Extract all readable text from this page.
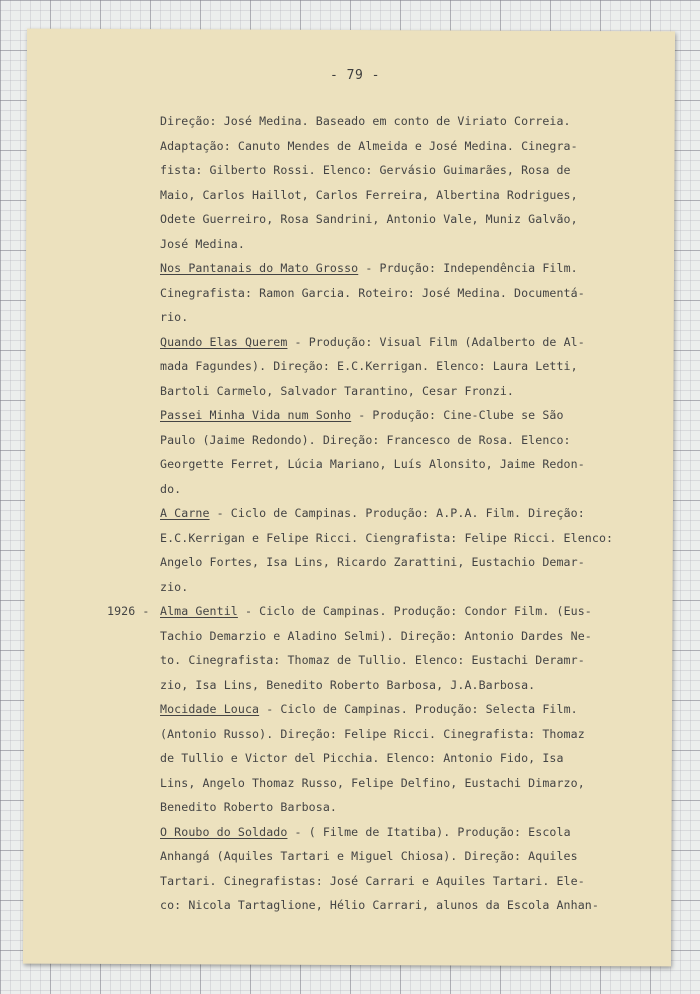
- 79 -
Direção: José Medina. Baseado em conto de Viriato Correia.
Adaptação: Canuto Mendes de Almeida e José Medina. Cinegra-
fista: Gilberto Rossi. Elenco: Gervásio Guimarães, Rosa de
Maio, Carlos Haillot, Carlos Ferreira, Albertina Rodrigues,
Odete Guerreiro, Rosa Sandrini, Antonio Vale, Muniz Galvão,
José Medina.
Nos Pantanais do Mato Grosso - Prdução: Independência Film.
Cinegrafista: Ramon Garcia. Roteiro: José Medina. Documentá-
rio.
Quando Elas Querem - Produção: Visual Film (Adalberto de Al-
mada Fagundes). Direção: E.C.Kerrigan. Elenco: Laura Letti,
Bartoli Carmelo, Salvador Tarantino, Cesar Fronzi.
Passei Minha Vida num Sonho - Produção: Cine-Clube se São
Paulo (Jaime Redondo). Direção: Francesco de Rosa. Elenco:
Georgette Ferret, Lúcia Mariano, Luís Alonsito, Jaime Redon-
do.
A Carne - Ciclo de Campinas. Produção: A.P.A. Film. Direção:
E.C.Kerrigan e Felipe Ricci. Ciengrafista: Felipe Ricci. Elenco:
Angelo Fortes, Isa Lins, Ricardo Zarattini, Eustachio Demar-
zio.
1926 - Alma Gentil - Ciclo de Campinas. Produção: Condor Film. (Eus-
Tachio Demarzio e Aladino Selmi). Direção: Antonio Dardes Ne-
to. Cinegrafista: Thomaz de Tullio. Elenco: Eustachi Deramr-
zio, Isa Lins, Benedito Roberto Barbosa, J.A.Barbosa.
Mocidade Louca - Ciclo de Campinas. Produção: Selecta Film.
(Antonio Russo). Direção: Felipe Ricci. Cinegrafista: Thomaz
de Tullio e Victor del Picchia. Elenco: Antonio Fido, Isa
Lins, Angelo Thomaz Russo, Felipe Delfino, Eustachi Dimarzo,
Benedito Roberto Barbosa.
O Roubo do Soldado - ( Filme de Itatiba). Produção: Escola
Anhangá (Aquiles Tartari e Miguel Chiosa). Direção: Aquiles
Tartari. Cinegrafistas: José Carrari e Aquiles Tartari. Ele-
co: Nicola Tartaglione, Hélio Carrari, alunos da Escola Anhan-
